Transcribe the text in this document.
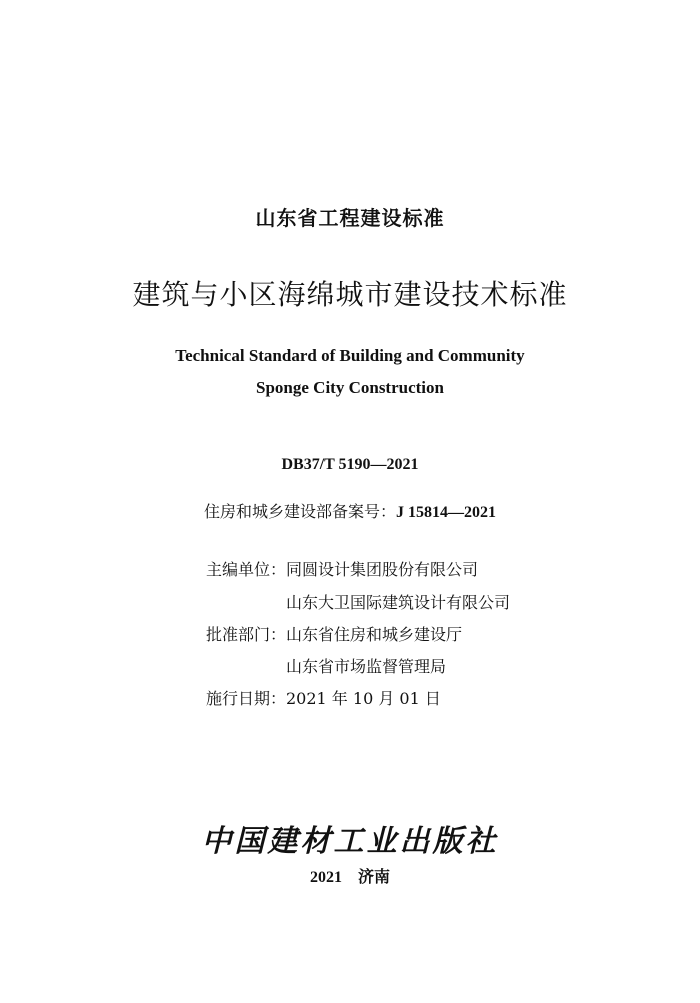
山东省工程建设标准
建筑与小区海绵城市建设技术标准
Technical Standard of Building and Community
Sponge City Construction
DB37/T 5190—2021
住房和城乡建设部备案号：J 15814—2021
主编单位：同圆设计集团股份有限公司
山东大卫国际建筑设计有限公司
批准部门：山东省住房和城乡建设厅
山东省市场监督管理局
施行日期：2021 年 10 月 01 日
中国建材工业出版社
2021 济南
